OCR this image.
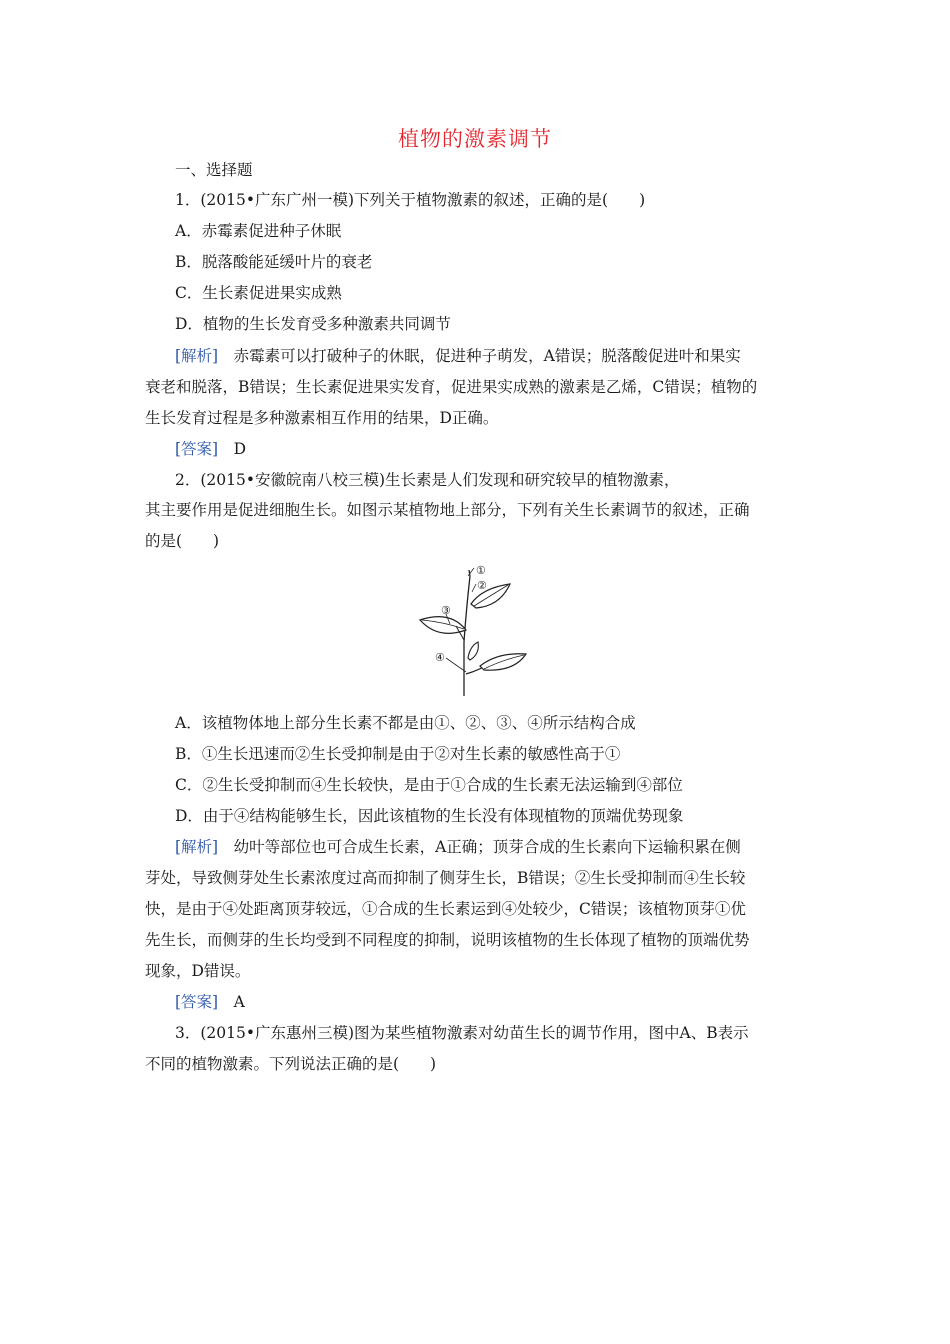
植物的激素调节
一、选择题
1．(2015•广东广州一模)下列关于植物激素的叙述，正确的是(　　)
A．赤霉素促进种子休眠
B．脱落酸能延缓叶片的衰老
C．生长素促进果实成熟
D．植物的生长发育受多种激素共同调节
[解析]　赤霉素可以打破种子的休眠，促进种子萌发，A错误；脱落酸促进叶和果实
衰老和脱落，B错误；生长素促进果实发育，促进果实成熟的激素是乙烯，C错误；植物的
生长发育过程是多种激素相互作用的结果，D正确。
[答案]　D
2．(2015•安徽皖南八校三模)生长素是人们发现和研究较早的植物激素，
其主要作用是促进细胞生长。如图示某植物地上部分，下列有关生长素调节的叙述，正确
的是(　　)
①
②
③
④
A．该植物体地上部分生长素不都是由①、②、③、④所示结构合成
B．①生长迅速而②生长受抑制是由于②对生长素的敏感性高于①
C．②生长受抑制而④生长较快，是由于①合成的生长素无法运输到④部位
D．由于④结构能够生长，因此该植物的生长没有体现植物的顶端优势现象
[解析]　幼叶等部位也可合成生长素，A正确；顶芽合成的生长素向下运输积累在侧
芽处，导致侧芽处生长素浓度过高而抑制了侧芽生长，B错误；②生长受抑制而④生长较
快，是由于④处距离顶芽较远，①合成的生长素运到④处较少，C错误；该植物顶芽①优
先生长，而侧芽的生长均受到不同程度的抑制，说明该植物的生长体现了植物的顶端优势
现象，D错误。
[答案]　A
3．(2015•广东惠州三模)图为某些植物激素对幼苗生长的调节作用，图中A、B表示
不同的植物激素。下列说法正确的是(　　)
